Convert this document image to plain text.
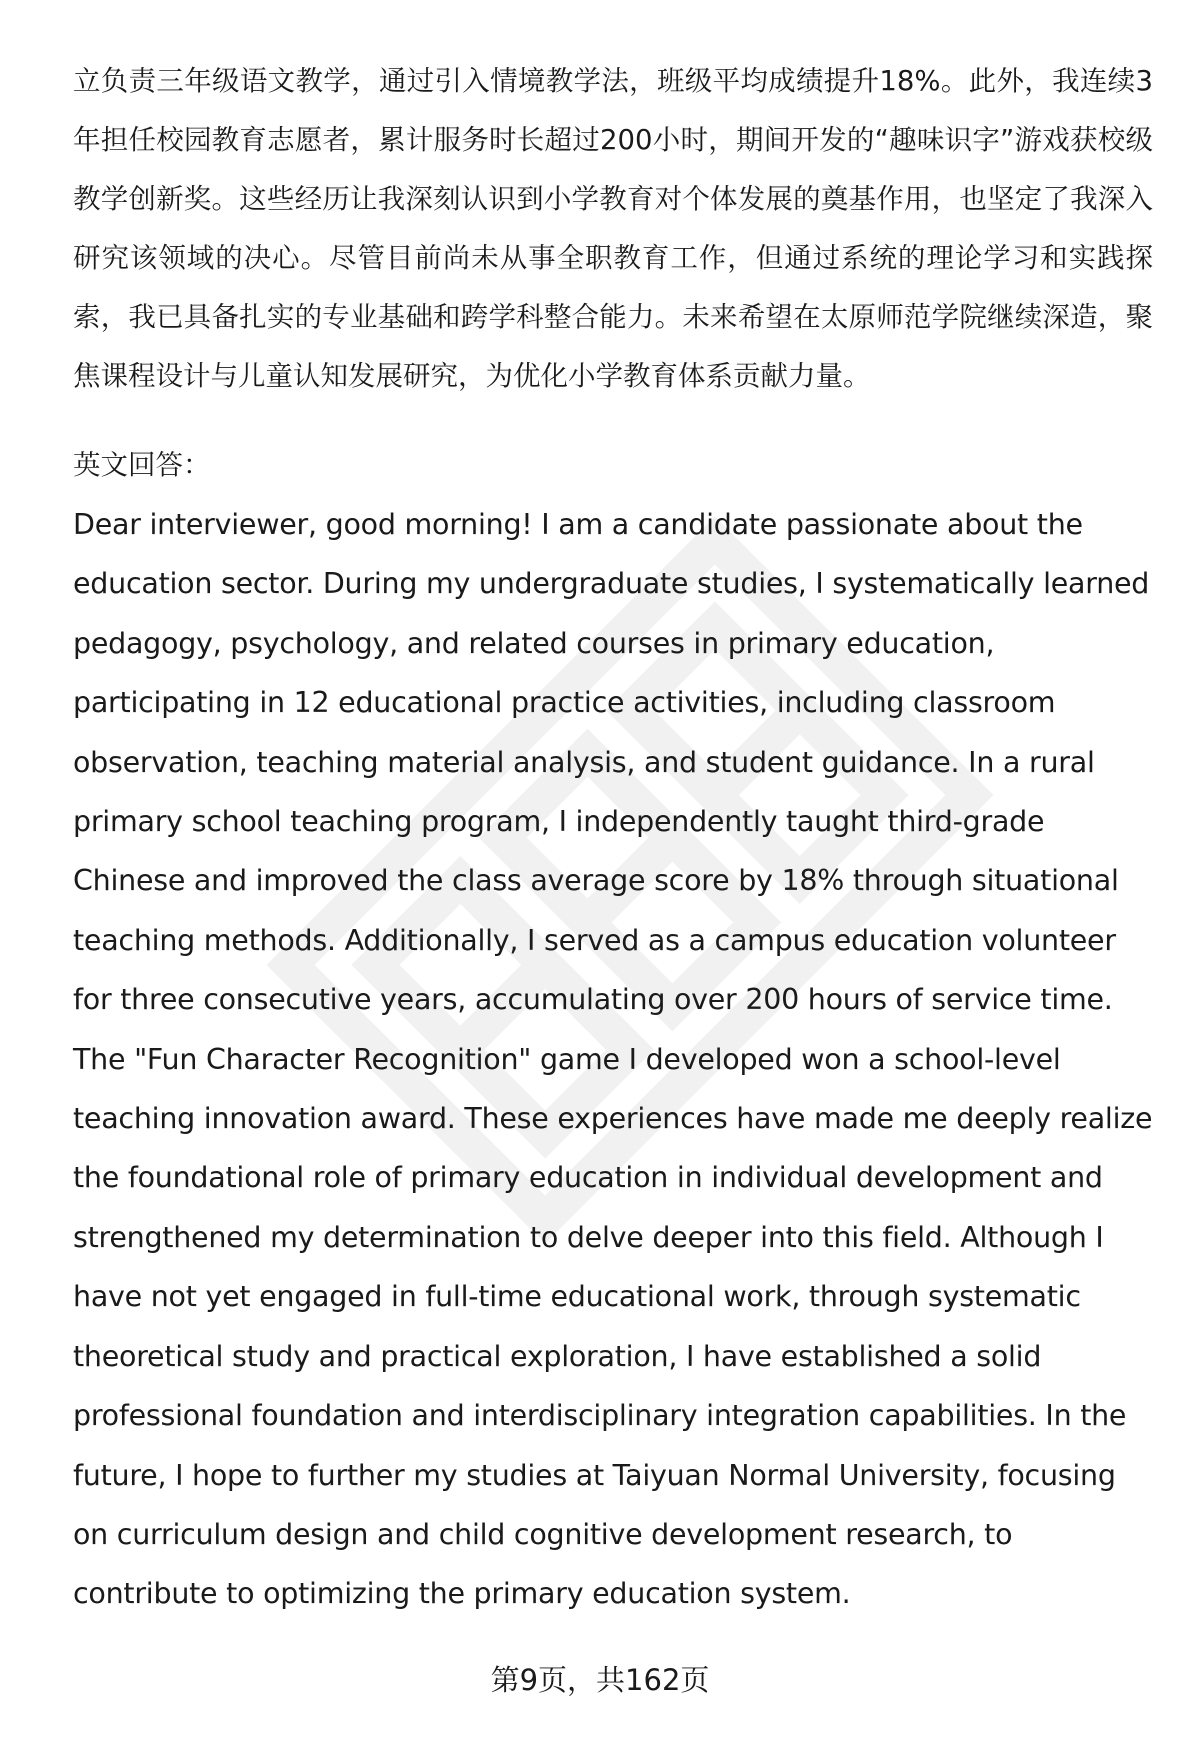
立负责三年级语文教学，通过引入情境教学法，班级平均成绩提升18%。此外，我连续3年担任校园教育志愿者，累计服务时长超过200小时，期间开发的“趣味识字”游戏获校级教学创新奖。这些经历让我深刻认识到小学教育对个体发展的奠基作用，也坚定了我深入研究该领域的决心。尽管目前尚未从事全职教育工作，但通过系统的理论学习和实践探索，我已具备扎实的专业基础和跨学科整合能力。未来希望在太原师范学院继续深造，聚焦课程设计与儿童认知发展研究，为优化小学教育体系贡献力量。

英文回答：

Dear interviewer, good morning! I am a candidate passionate about the education sector. During my undergraduate studies, I systematically learned pedagogy, psychology, and related courses in primary education, participating in 12 educational practice activities, including classroom observation, teaching material analysis, and student guidance. In a rural primary school teaching program, I independently taught third-grade Chinese and improved the class average score by 18% through situational teaching methods. Additionally, I served as a campus education volunteer for three consecutive years, accumulating over 200 hours of service time. The "Fun Character Recognition" game I developed won a school-level teaching innovation award. These experiences have made me deeply realize the foundational role of primary education in individual development and strengthened my determination to delve deeper into this field. Although I have not yet engaged in full-time educational work, through systematic theoretical study and practical exploration, I have established a solid professional foundation and interdisciplinary integration capabilities. In the future, I hope to further my studies at Taiyuan Normal University, focusing on curriculum design and child cognitive development research, to contribute to optimizing the primary education system.

第9页，共162页
